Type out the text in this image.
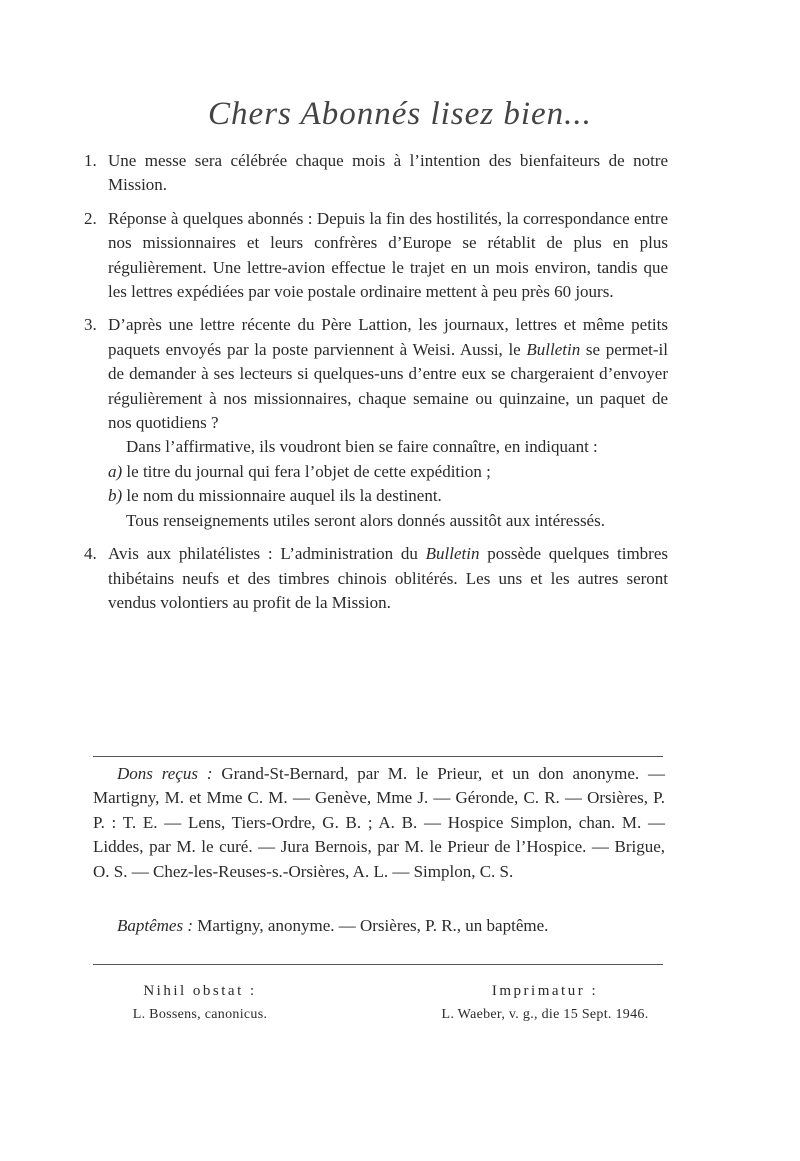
Chers Abonnés lisez bien...
1. Une messe sera célébrée chaque mois à l’intention des bienfaiteurs de notre Mission.
2. Réponse à quelques abonnés : Depuis la fin des hostilités, la correspondance entre nos missionnaires et leurs confrères d’Europe se rétablit de plus en plus régulièrement. Une lettre-avion effectue le trajet en un mois environ, tandis que les lettres expédiées par voie postale ordinaire mettent à peu près 60 jours.
3. D’après une lettre récente du Père Lattion, les journaux, lettres et même petits paquets envoyés par la poste parviennent à Weisi. Aussi, le Bulletin se permet-il de demander à ses lecteurs si quelques-uns d’entre eux se chargeraient d’envoyer régulièrement à nos missionnaires, chaque semaine ou quinzaine, un paquet de nos quotidiens ?

Dans l’affirmative, ils voudront bien se faire connaître, en indiquant :

a) le titre du journal qui fera l’objet de cette expédition ;

b) le nom du missionnaire auquel ils la destinent.

Tous renseignements utiles seront alors donnés aussitôt aux intéressés.

4. Avis aux philatélistes : L’administration du Bulletin possède quelques timbres thibétains neufs et des timbres chinois oblitérés. Les uns et les autres seront vendus volontiers au profit de la Mission.
Dons reçus : Grand-St-Bernard, par M. le Prieur, et un don anonyme. — Martigny, M. et Mme C. M. — Genève, Mme J. — Géronde, C. R. — Orsières, P. P. : T. E. — Lens, Tiers-Ordre, G. B. ; A. B. — Hospice Simplon, chan. M. — Liddes, par M. le curé. — Jura Bernois, par M. le Prieur de l’Hospice. — Brigue, O. S. — Chez-les-Reuses-s.-Orsières, A. L. — Simplon, C. S.
Baptêmes : Martigny, anonyme. — Orsières, P. R., un baptême.
Nihil obstat :
L. Bossens, canonicus.
Imprimatur :
L. Waeber, v. g., die 15 Sept. 1946.
